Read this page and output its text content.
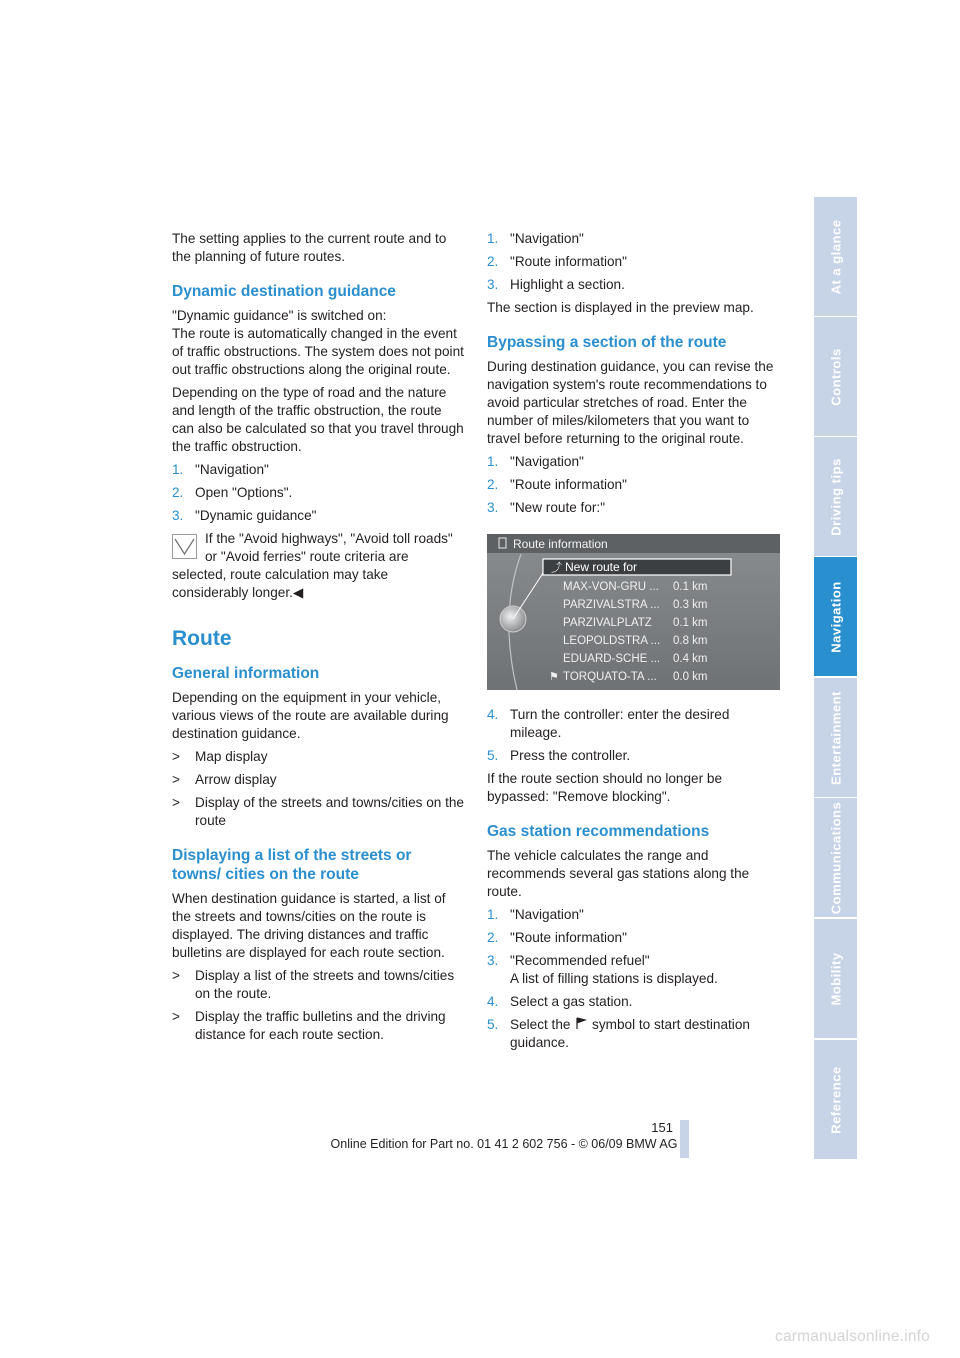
The setting applies to the current route and to the planning of future routes.

Dynamic destination guidance

"Dynamic guidance" is switched on:
The route is automatically changed in the event of traffic obstructions. The system does not point out traffic obstructions along the original route.

Depending on the type of road and the nature and length of the traffic obstruction, the route can also be calculated so that you travel through the traffic obstruction.

1. "Navigation"
2. Open "Options".
3. "Dynamic guidance"
If the "Avoid highways", "Avoid toll roads" or "Avoid ferries" route criteria are selected, route calculation may take considerably longer.◀
Route
General information

Depending on the equipment in your vehicle, various views of the route are available during destination guidance.

>	Map display
>	Arrow display
>	Display of the streets and towns/cities on the route
Displaying a list of the streets or towns/ cities on the route

When destination guidance is started, a list of the streets and towns/cities on the route is displayed. The driving distances and traffic bulletins are displayed for each route section.

>	Display a list of the streets and towns/cities on the route.
>	Display the traffic bulletins and the driving distance for each route section.
1. "Navigation"
2. "Route information"
3. Highlight a section.

The section is displayed in the preview map.

Bypassing a section of the route

During destination guidance, you can revise the navigation system's route recommendations to avoid particular stretches of road. Enter the number of miles/kilometers that you want to travel before returning to the original route.

1. "Navigation"
2. "Route information"
3. "New route for:"
Route information
⤴ New route for
MAX-VON-GRU ... 0.1 km
PARZIVALSTRA ... 0.3 km
PARZIVALPLATZ 0.1 km
LEOPOLDSTRA ... 0.8 km
EDUARD-SCHE ... 0.4 km
⚑ TORQUATO-TA ... 0.0 km
4. Turn the controller: enter the desired mileage.
5. Press the controller.

If the route section should no longer be bypassed: "Remove blocking".

Gas station recommendations

The vehicle calculates the range and recommends several gas stations along the route.

1. "Navigation"
2. "Route information"
3. "Recommended refuel"
A list of filling stations is displayed.
4. Select a gas station.
5. Select the symbol to start destination guidance.
At a glance
Controls
Driving tips
Navigation
Entertainment
Communications
Mobility
Reference
151
Online Edition for Part no. 01 41 2 602 756 - © 06/09 BMW AG
carmanualsonline.info
